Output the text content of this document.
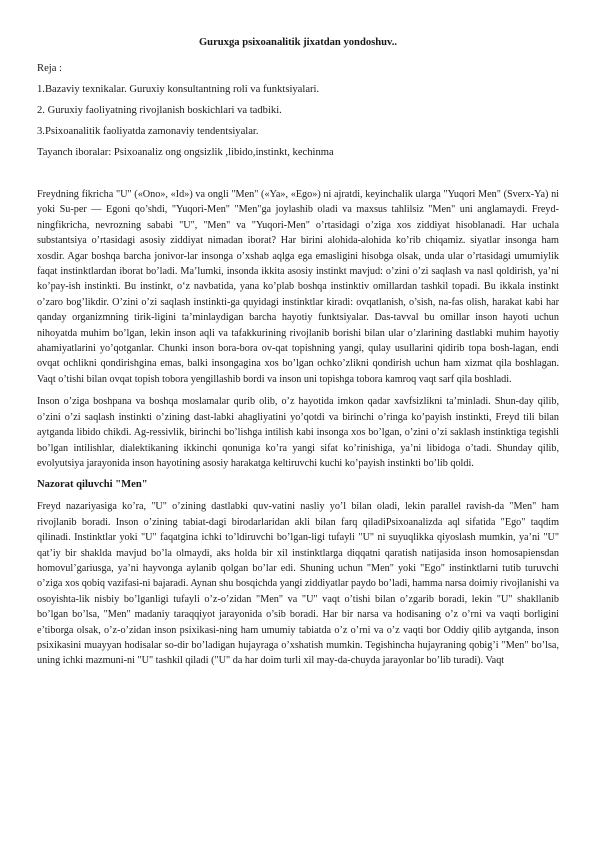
Guruxga psixoanalitik jixatdan yondoshuv..
Reja :
1.Bazaviy texnikalar. Guruxiy konsultantning roli va funktsiyalari.
2. Guruxiy faoliyatning rivojlanish boskichlari va tadbiki.
3.Psixoanalitik faoliyatda zamonaviy tendentsiyalar.
Tayanch iboralar: Psixoanaliz ong ongsizlik ,libido,instinkt, kechinma

Freydning fikricha "U" («Ono», «Id») va ongli "Men" («Ya», «Ego») ni ajratdi, keyinchalik ularga "Yuqori Men" (Sverx-Ya) ni yoki Su-per — Egoni qo’shdi, "Yuqori-Men" "Men"ga joylashib oladi va maxsus tahlilsiz "Men" uni anglamaydi. Freyd-ningfikricha, nevrozning sababi "U", "Men" va "Yuqori-Men" o’rtasidagi o’ziga xos ziddiyat hisoblanadi. Har uchala substantsiya o’rtasidagi asosiy ziddiyat nimadan iborat? Har birini alohida-alohida ko’rib chiqamiz. siyatlar insonga ham xosdir. Agar boshqa barcha jonivor-lar insonga o’xshab aqlga ega emasligini hisobga olsak, unda ular o’rtasidagi umumiylik faqat instinktlardan iborat bo’ladi. Ma’lumki, insonda ikkita asosiy instinkt mavjud: o’zini o’zi saqlash va nasl qoldirish, ya’ni ko’pay-ish instinkti. Bu instinkt, o‘z navbatida, yana ko’plab boshqa instinktiv omillardan tashkil topadi. Bu ikkala instinkt o’zaro bog’likdir. O’zini o’zi saqlash instinkti-ga quyidagi instinktlar kiradi: ovqatlanish, o’sish, na-fas olish, harakat kabi har qanday organizmning tirik-ligini ta’minlaydigan barcha hayotiy funktsiyalar. Das-tavval bu omillar inson hayoti uchun nihoyatda muhim bo’lgan, lekin inson aqli va tafakkurining rivojlanib borishi bilan ular o’zlarining dastlabki muhim hayotiy ahamiyatlarini yo’qotganlar. Chunki inson bora-bora ov-qat topishning yangi, qulay usullarini qidirib topa bosh-lagan, endi ovqat ochlikni qondirishgina emas, balki insongagina xos bo’lgan ochko’zlikni qondirish uchun ham xizmat qila boshlagan. Vaqt o’tishi bilan ovqat topish tobora yengillashib bordi va inson uni topishga tobora kamroq vaqt sarf qila boshladi.

Inson o’ziga boshpana va boshqa moslamalar qurib olib, o’z hayotida imkon qadar xavfsizlikni ta’minladi. Shun-day qilib, o’zini o’zi saqlash instinkti o’zining dast-labki ahagliyatini yo’qotdi va birinchi o’ringa ko’payish instinkti, Freyd tili bilan aytganda libido chikdi. Ag-ressivlik, birinchi bo’lishga intilish kabi insonga xos bo’lgan, o’zini o’zi saklash instinktiga tegishli bo’lgan intilishlar, dialektikaning ikkinchi qonuniga ko’ra yangi sifat ko’rinishiga, ya’ni libidoga o’tadi. Shunday qilib, evolyutsiya jarayonida inson hayotining asosiy harakatga keltiruvchi kuchi ko’payish instinkti bo’lib qoldi.

Nazorat qiluvchi "Men"

Freyd nazariyasiga ko’ra, "U" o’zining dastlabki quv-vatini nasliy yo’l bilan oladi, lekin parallel ravish-da "Men" ham rivojlanib boradi. Inson o’zining tabiat-dagi birodarlaridan akli bilan farq qiladiPsixoanalizda aql sifatida "Ego" taqdim qilinadi. Instinktlar yoki "U" faqatgina ichki to’ldiruvchi bo’lgan-ligi tufayli "U" ni suyuqlikka qiyoslash mumkin, ya’ni "U" qat’iy bir shaklda mavjud bo’la olmaydi, aks holda bir xil instinktlarga diqqatni qaratish natijasida inson homosapiensdan homovul’gariusga, ya’ni hayvonga aylanib qolgan bo’lar edi. Shuning uchun "Men" yoki "Ego" instinktlarni tutib turuvchi o’ziga xos qobiq vazifasi-ni bajaradi. Aynan shu bosqichda yangi ziddiyatlar paydo bo’ladi, hamma narsa doimiy rivojlanishi va osoyishta-lik nisbiy bo’lganligi tufayli o’z-o’zidan "Men" va "U" vaqt o’tishi bilan o’zgarib boradi, lekin "U" shakllanib bo’lgan bo’lsa, "Men" madaniy taraqqiyot jarayonida o’sib boradi. Har bir narsa va hodisaning o’z o’rni va vaqti borligini e’tiborga olsak, o’z-o’zidan inson psixikasi-ning ham umumiy tabiatda o’z o’rni va o’z vaqti bor Oddiy qilib aytganda, inson psixikasini muayyan hodisalar so-dir bo’ladigan hujayraga o’xshatish mumkin. Tegishincha hujayraning qobig’i "Men" bo’lsa, uning ichki mazmuni-ni "U" tashkil qiladi ("U" da har doim turli xil may-da-chuyda jarayonlar bo’lib turadi). Vaqt
